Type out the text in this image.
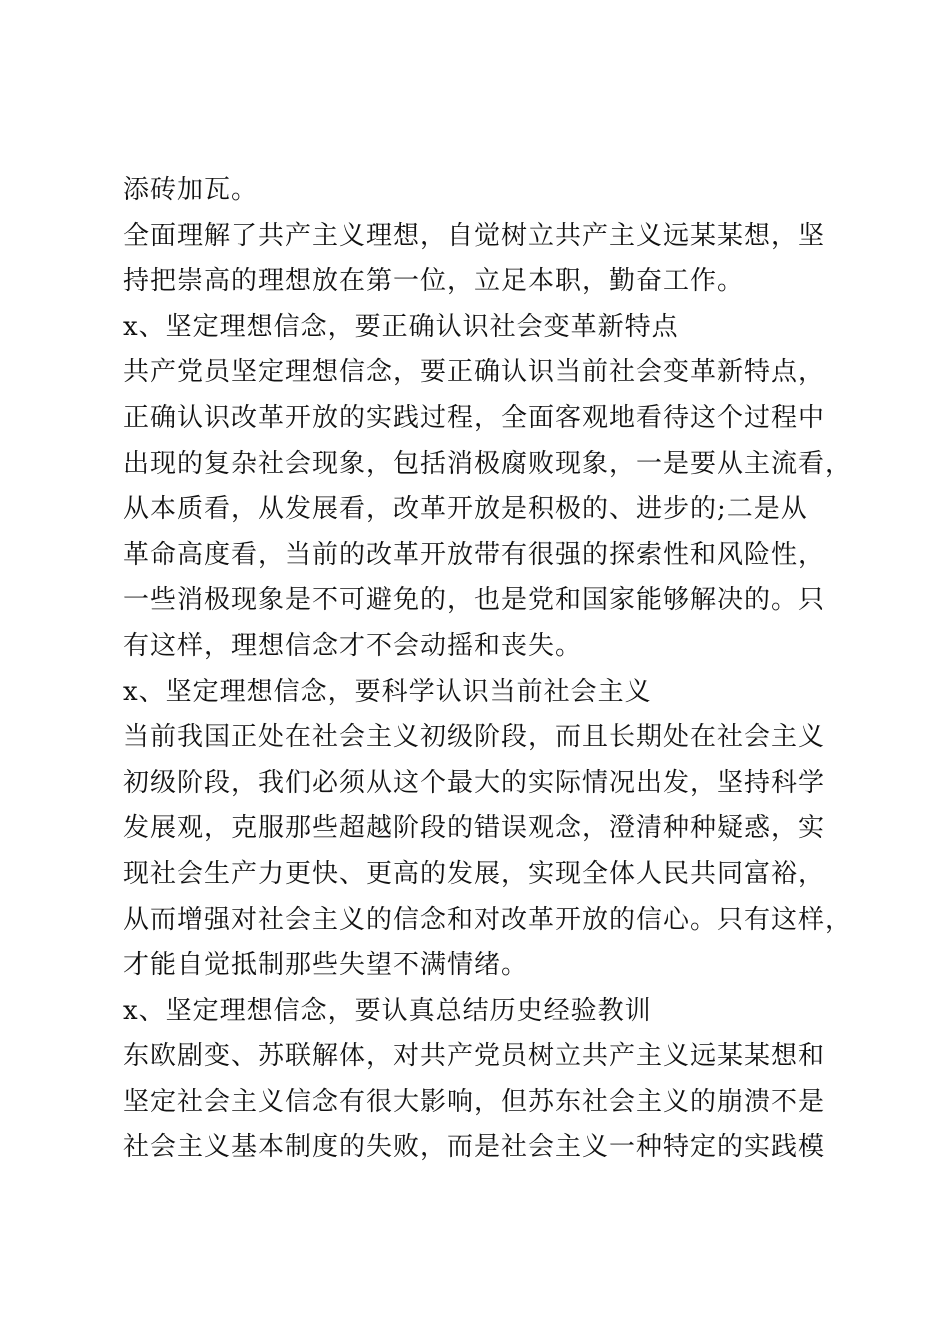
添砖加瓦。
全面理解了共产主义理想，自觉树立共产主义远某某想，坚
持把崇高的理想放在第一位，立足本职，勤奋工作。
x、坚定理想信念，要正确认识社会变革新特点
共产党员坚定理想信念，要正确认识当前社会变革新特点，
正确认识改革开放的实践过程，全面客观地看待这个过程中
出现的复杂社会现象，包括消极腐败现象，一是要从主流看，
从本质看，从发展看，改革开放是积极的、进步的;二是从
革命高度看，当前的改革开放带有很强的探索性和风险性，
一些消极现象是不可避免的，也是党和国家能够解决的。只
有这样，理想信念才不会动摇和丧失。
x、坚定理想信念，要科学认识当前社会主义
当前我国正处在社会主义初级阶段，而且长期处在社会主义
初级阶段，我们必须从这个最大的实际情况出发，坚持科学
发展观，克服那些超越阶段的错误观念，澄清种种疑惑，实
现社会生产力更快、更高的发展，实现全体人民共同富裕，
从而增强对社会主义的信念和对改革开放的信心。只有这样，
才能自觉抵制那些失望不满情绪。
x、坚定理想信念，要认真总结历史经验教训
东欧剧变、苏联解体，对共产党员树立共产主义远某某想和
坚定社会主义信念有很大影响，但苏东社会主义的崩溃不是
社会主义基本制度的失败，而是社会主义一种特定的实践模
